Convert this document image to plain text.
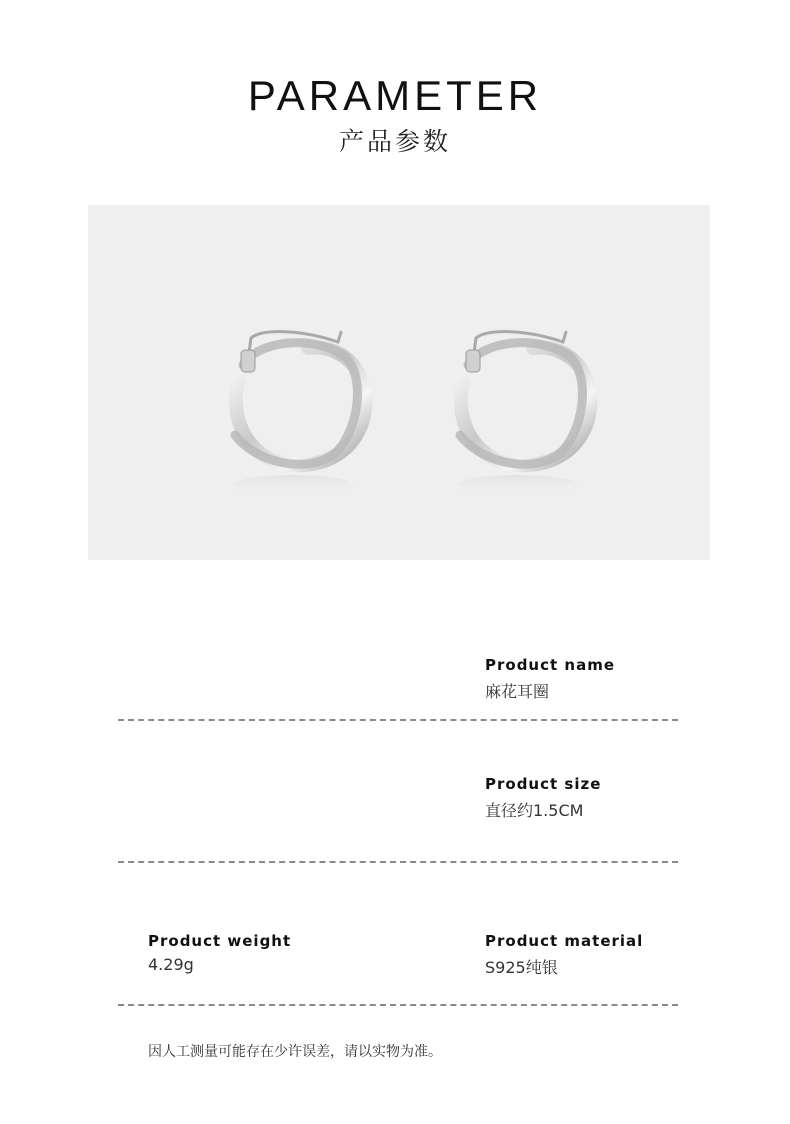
PARAMETER
产品参数
Product name
麻花耳圈
Product size
直径约1.5CM
Product weight
4.29g
Product material
S925纯银
因人工测量可能存在少许误差，请以实物为准。
